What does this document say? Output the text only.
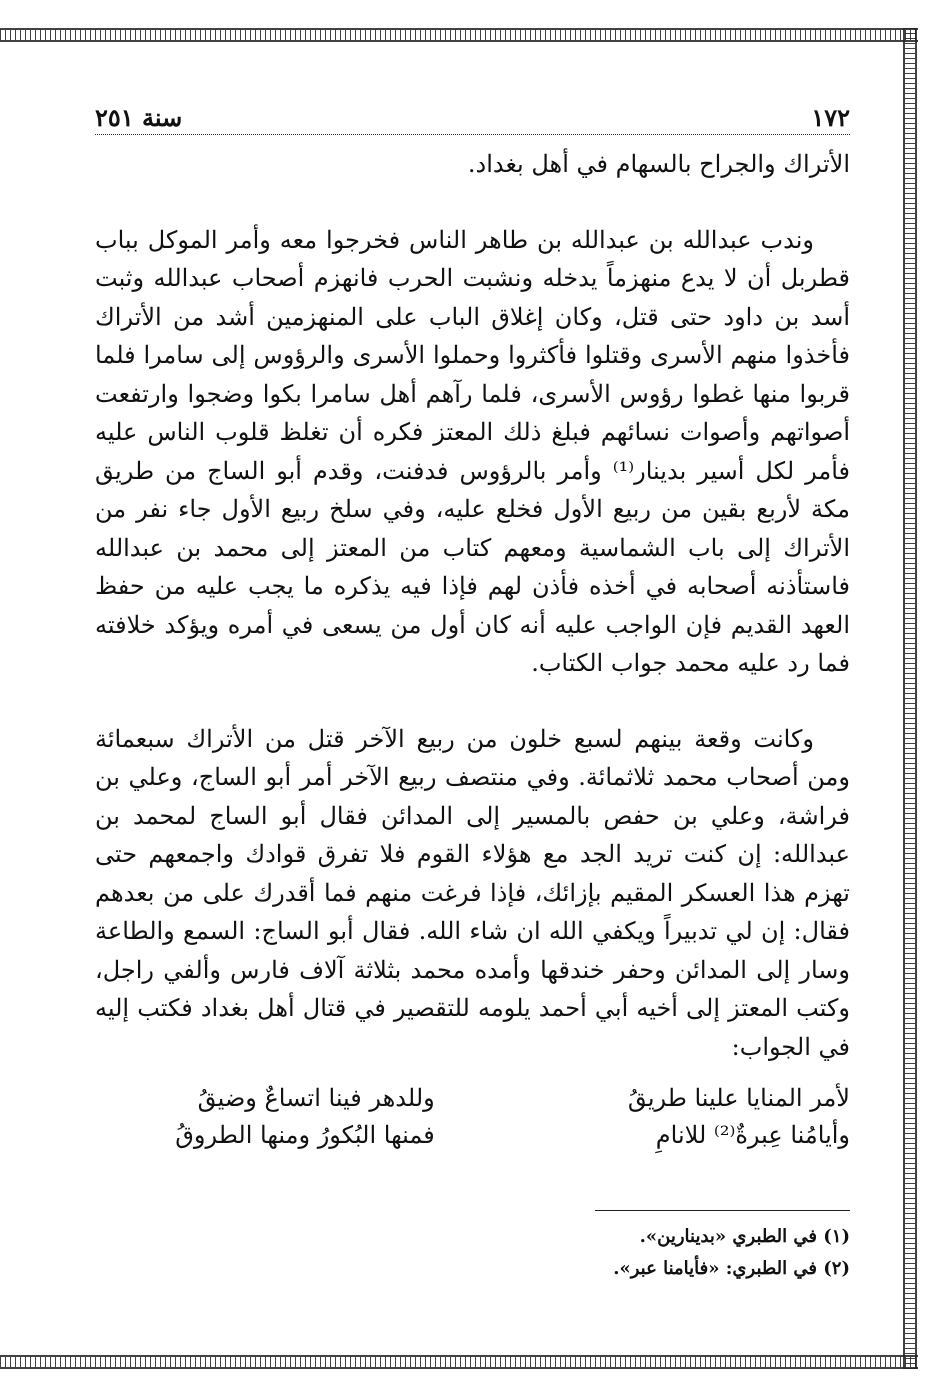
١٧٢
سنة ٢٥١

الأتراك والجراح بالسهام في أهل بغداد.

وندب عبدالله بن عبدالله بن طاهر الناس فخرجوا معه وأمر الموكل بباب قطربل أن لا يدع منهزماً يدخله ونشبت الحرب فانهزم أصحاب عبدالله وثبت أسد بن داود حتى قتل، وكان إغلاق الباب على المنهزمين أشد من الأتراك فأخذوا منهم الأسرى وقتلوا فأكثروا وحملوا الأسرى والرؤوس إلى سامرا فلما قربوا منها غطوا رؤوس الأسرى، فلما رآهم أهل سامرا بكوا وضجوا وارتفعت أصواتهم وأصوات نسائهم فبلغ ذلك المعتز فكره أن تغلظ قلوب الناس عليه فأمر لكل أسير بدينار⁽¹⁾ وأمر بالرؤوس فدفنت، وقدم أبو الساج من طريق مكة لأربع بقين من ربيع الأول فخلع عليه، وفي سلخ ربيع الأول جاء نفر من الأتراك إلى باب الشماسية ومعهم كتاب من المعتز إلى محمد بن عبدالله فاستأذنه أصحابه في أخذه فأذن لهم فإذا فيه يذكره ما يجب عليه من حفظ العهد القديم فإن الواجب عليه أنه كان أول من يسعى في أمره ويؤكد خلافته فما رد عليه محمد جواب الكتاب.

وكانت وقعة بينهم لسبع خلون من ربيع الآخر قتل من الأتراك سبعمائة ومن أصحاب محمد ثلاثمائة. وفي منتصف ربيع الآخر أمر أبو الساج، وعلي بن فراشة، وعلي بن حفص بالمسير إلى المدائن فقال أبو الساج لمحمد بن عبدالله: إن كنت تريد الجد مع هؤلاء القوم فلا تفرق قوادك واجمعهم حتى تهزم هذا العسكر المقيم بإزائك، فإذا فرغت منهم فما أقدرك على من بعدهم فقال: إن لي تدبيراً ويكفي الله ان شاء الله. فقال أبو الساج: السمع والطاعة وسار إلى المدائن وحفر خندقها وأمده محمد بثلاثة آلاف فارس وألفي راجل، وكتب المعتز إلى أخيه أبي أحمد يلومه للتقصير في قتال أهل بغداد فكتب إليه في الجواب:

لأمر المنايا علينا طريقُ
وللدهر فينا اتساعٌ وضيقُ
وأيامُنا عِبرةٌ⁽²⁾ للانامِ
فمنها البُكورُ ومنها الطروقُ
(١) في الطبري «بدينارين».
(٢) في الطبري: «فأيامنا عبر».
